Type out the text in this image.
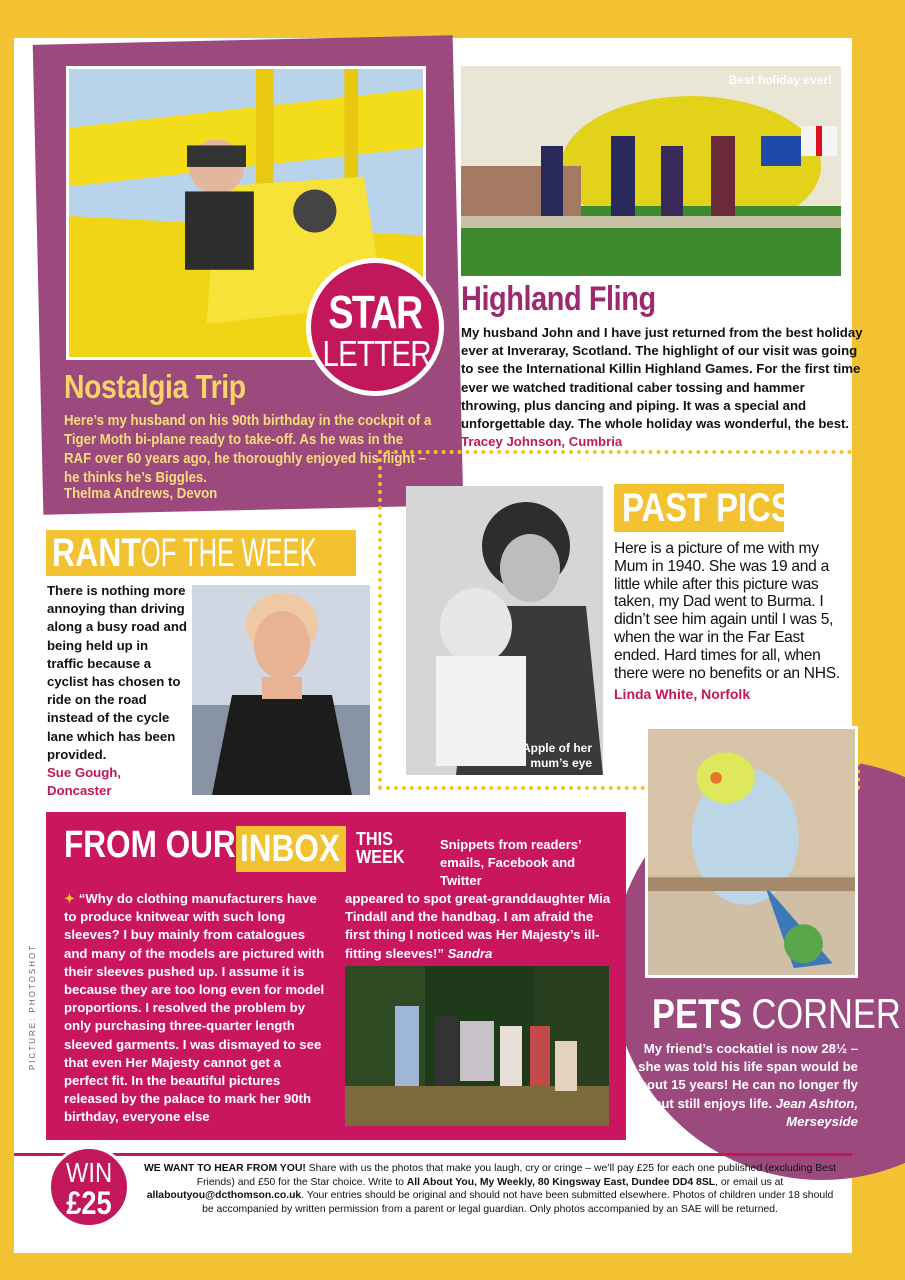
Nostalgia Trip
Here’s my husband on his 90th birthday in the cockpit of a Tiger Moth bi-plane ready to take-off. As he was in the RAF over 60 years ago, he thoroughly enjoyed his flight – he thinks he’s Biggles.
Thelma Andrews, Devon
STAR
LETTER
Best holiday ever!
Highland Fling
My husband John and I have just returned from the best holiday ever at Inveraray, Scotland. The highlight of our visit was going to see the International Killin Highland Games. For the first time ever we watched traditional caber tossing and hammer throwing, plus dancing and piping. It was a special and unforgettable day. The whole holiday was wonderful, the best. Tracey Johnson, Cumbria
Apple of her
mum’s eye
PAST PICS
Here is a picture of me with my Mum in 1940. She was 19 and a little while after this picture was taken, my Dad went to Burma. I didn’t see him again until I was 5, when the war in the Far East ended. Hard times for all, when there were no benefits or an NHS.
Linda White, Norfolk
RANTOF THE WEEK
There is nothing more annoying than driving along a busy road and being held up in traffic because a cyclist has chosen to ride on the road instead of the cycle lane which has been provided.
Sue Gough,
Doncaster
FROM OUR INBOX THIS
WEEK
Snippets from readers’ emails, Facebook and Twitter
✦ “Why do clothing manufacturers have to produce knitwear with such long sleeves? I buy mainly from catalogues and many of the models are pictured with their sleeves pushed up. I assume it is because they are too long even for model proportions. I resolved the problem by only purchasing three-quarter length sleeved garments. I was dismayed to see that even Her Majesty cannot get a perfect fit. In the beautiful pictures released by the palace to mark her 90th birthday, everyone else
appeared to spot great-granddaughter Mia Tindall and the handbag. I am afraid the first thing I noticed was Her Majesty’s ill-fitting sleeves!” Sandra
PICTURE: PHOTOSHOT	PETS CORNER
My friend’s cockatiel is now 28½ – she was told his life span would be about 15 years! He can no longer fly but still enjoys life. Jean Ashton,
Merseyside
WIN
£25
WE WANT TO HEAR FROM YOU! Share with us the photos that make you laugh, cry or cringe – we’ll pay £25 for each one published (excluding Best Friends) and £50 for the Star choice. Write to All About You, My Weekly, 80 Kingsway East, Dundee DD4 8SL, or email us at allaboutyou@dcthomson.co.uk. Your entries should be original and should not have been submitted elsewhere. Photos of children under 18 should be accompanied by written permission from a parent or legal guardian. Only photos accompanied by an SAE will be returned.
